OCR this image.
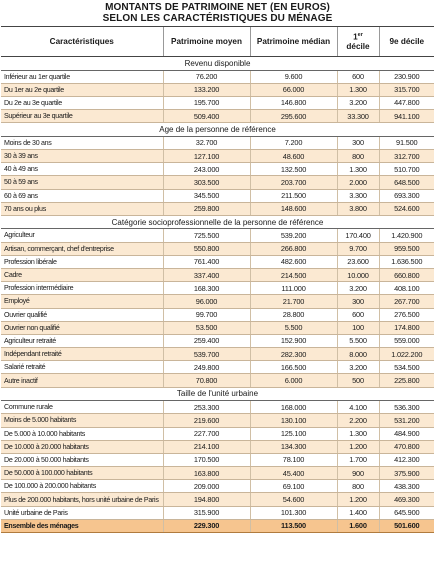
MONTANTS DE PATRIMOINE NET (EN EUROS)
SELON LES CARACTÉRISTIQUES DU MÉNAGE
Caractéristiques	Patrimoine moyen	Patrimoine médian	1er
décile	9e décile
Revenu disponible				
Inférieur au 1er quartile	76.200	9.600	600	230.900
Du 1er au 2e quartile	133.200	66.000	1.300	315.700
Du 2e au 3e quartile	195.700	146.800	3.200	447.800
Supérieur au 3e quartile	509.400	295.600	33.300	941.100
Age de la personne de référence				
Moins de 30 ans	32.700	7.200	300	91.500
30 à 39 ans	127.100	48.600	800	312.700
40 à 49 ans	243.000	132.500	1.300	510.700
50 à 59 ans	303.500	203.700	2.000	648.500
60 à 69 ans	345.500	211.500	3.300	693.300
70 ans ou plus	259.800	148.600	3.800	524.600
Catégorie socioprofessionnelle de la personne de référence				
Agriculteur	725.500	539.200	170.400	1.420.900
Artisan, commerçant, chef d'entreprise	550.800	266.800	9.700	959.500
Profession libérale	761.400	482.600	23.600	1.636.500
Cadre	337.400	214.500	10.000	660.800
Profession intermédiaire	168.300	111.000	3.200	408.100
Employé	96.000	21.700	300	267.700
Ouvrier qualifié	99.700	28.800	600	276.500
Ouvrier non qualifié	53.500	5.500	100	174.800
Agriculteur retraité	259.400	152.900	5.500	559.000
Indépendant retraité	539.700	282.300	8.000	1.022.200
Salarié retraité	249.800	166.500	3.200	534.500
Autre inactif	70.800	6.000	500	225.800
Taille de l'unité urbaine				
Commune rurale	253.300	168.000	4.100	536.300
Moins de 5.000 habitants	219.600	130.100	2.200	531.200
De 5.000 à 10.000 habitants	227.700	125.100	1.300	484.900
De 10.000 à 20.000 habitants	214.100	134.300	1.200	470.800
De 20.000 à 50.000 habitants	170.500	78.100	1.700	412.300
De 50.000 à 100.000 habitants	163.800	45.400	900	375.900
De 100.000 à 200.000 habitants	209.000	69.100	800	438.300
Plus de 200.000 habitants, hors unité urbaine de Paris	194.800	54.600	1.200	469.300
Unité urbaine de Paris	315.900	101.300	1.400	645.900
Ensemble des ménages	229.300	113.500	1.600	501.600
